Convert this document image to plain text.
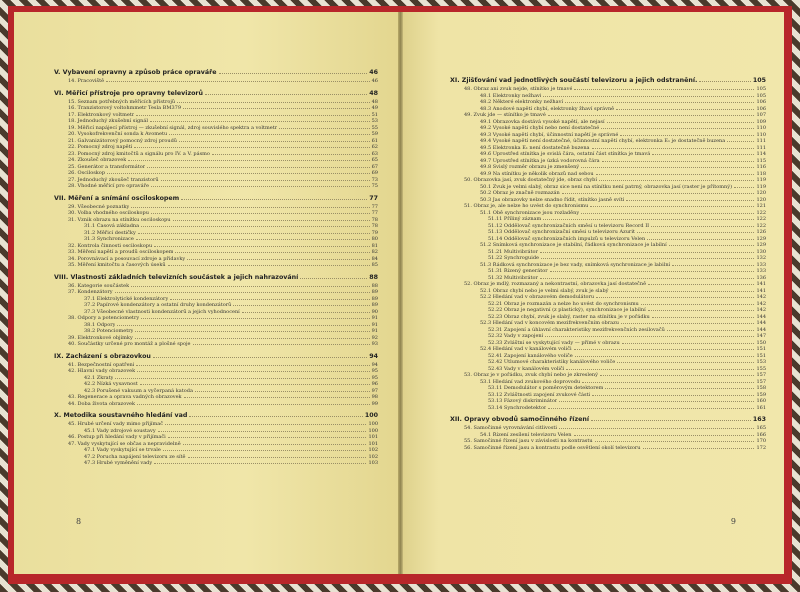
V. Vybavení opravny a způsob práce opraváře	46
14. Pracoviště	46
VI. Měřicí přístroje pro opravny televizorů	48
15. Seznam potřebných měřicích přístrojů	48
16. Tranzistorový voltohmmetr Tesla BM379	49
17. Elektronkový voltmetr	51
18. Jednoduchý zkušební signál	53
19. Měřicí napájecí přístroj — zkušební signál, zdroj souvislého spektra a voltmetr	55
20. Vysokofrekvenční sonda k Avometu	59
21. Galvanizátorový pomocný zdroj proudů	61
22. Pomocný zdroj napětí	62
23. Pomocný zdroj kmitočtů a signálu pro IV. a V. pásmo	63
24. Zkoušeč obrazovek	65
25. Generátor a transformátor	67
26. Osciloskop	69
27. Jednoduchý zkoušeč tranzistorů	73
28. Vhodné měřicí pro opraváře	75
VII. Měření a snímání osciloskopem	77
29. Všeobecné poznatky	77
30. Volba vhodného osciloskopu	77
31. Vznik obrazu na stínítku osciloskopu	78
31.1 Časová základna	78
31.2 Měřicí destičky	79
31.3 Synchronizace	80
32. Kontrola činnosti osciloskopu	81
33. Měření napětí a proudů osciloskopem	82
34. Porovnávací a posouvací zdroje a přídavky	84
35. Měření kmitočtu a časových úseků	85
VIII. Vlastnosti základních televizních součástek a jejich nahrazování	88
36. Kategorie součástek	88
37. Kondenzátory	89
37.1 Elektrolytické kondenzátory	89
37.2 Papírové kondenzátory a ostatní druhy kondenzátorů	89
37.3 Všeobecné vlastnosti kondenzátorů a jejich vyhodnocení	90
38. Odpory a potenciometry	91
38.1 Odpory	91
38.2 Potenciometry	91
39. Elektronkové objímky	92
40. Součástky určené pro montáž a plošné spoje	93
IX. Zacházení s obrazovkou	94
41. Bezpečnostní opatření	94
42. Hlavní vady obrazovek	95
42.1 Zkraty	95
42.2 Nízká vysavnost	96
42.3 Porušené vakuum a vyčerpaná katoda	97
43. Regenerace a oprava vadných obrazovek	98
44. Doba života obrazovek	99
X. Metodika soustavného hledání vad	100
45. Hrubé určení vady mimo přijímač	100
45.1 Vady zdrojové soustavy	100
46. Postup při hledání vady v přijímači	101
47. Vady vyskytující se občas a nepravidelně	101
47.1 Vady vyskytující se trvale	102
47.2 Porucha napájení televizoru ze sítě	102
47.3 Hrubé vyměnění vady	103
8
XI. Zjišťování vad jednotlivých součástí televizoru a jejich odstranění.	105
48. Obraz ani zvuk nejde, stínítko je tmavé	105
48.1 Elektronky nežhaví	105
48.2 Některé elektronky nežhaví	106
48.3 Anodové napětí chybí, elektronky žhaví správně	106
49. Zvuk jde — stínítko je tmavé	107
49.1 Obrazovka dostává vysoké napětí, ale nejasí	109
49.2 Vysoké napětí chybí nebo není dostatečné	110
49.3 Vysoké napětí chybí, účinnostní napětí je správné	110
49.4 Vysoké napětí není dostatečné, účinnostní napětí chybí, elektronka E₁ je dostatečně buzena	111
49.5 Elektronka E₁ není dostatečně buzena	111
49.6 Uprostřed stínítka je svislá čára, ostatní část stínítka je tmavá	114
49.7 Uprostřed stínítka je úzká vodorovná čára	115
49.8 Svislý rozměr obrazu je zmenšený	116
49.9 Na stínítku je několik obrazů nad sebou	118
50. Obrazovka jasí, zvuk dostatečný jde, obraz chybí	119
50.1 Zvuk je velmi slabý, obraz sice není na stínítku není patrný, obrazovka jasí (raster je přítomný)	119
50.2 Obraz je značně rozmazán	120
50.3 Jas obrazovky nelze snadno řídit, stínítko jasně svítí	120
51. Obraz je, ale nelze ho uvést do synchronismu	121
51.1 Obě synchronizace jsou rozladěny	122
51.11 Příliný záznam	122
51.12 Oddělovač synchronizačních směsí u televizoru Record II	122
51.13 Oddělovač synchronizační směsi u televizoru Azurit	126
51.14 Oddělovač synchronizačních impulzů u televizoru Velen	129
51.2 Snímková synchronizace je stabilní, řádková synchronizace je labilní	129
51.21 Multivibrátor	130
51.22 Synchroguide	132
51.3 Řádková synchronizace je bez vady, snímková synchronizace je labilní	133
51.31 Řízený generátor	133
51.32 Multivibrátor	136
52. Obraz je mdlý, rozmazaný a nekontrastní, obrazovka jasí dostatečně	141
52.1 Obraz chybí nebo je velmi slabý, zvuk je slabý	141
52.2 Hledání vad v obrazovém demodulátoru	142
52.21 Obraz je rozmazán a nelze ho uvést do synchronismu	142
52.22 Obraz je negativní (z plastický), synchronizace je labilní	142
52.23 Obraz chybí, zvuk je slabý, raster na stínítku je v pořádku	144
52.3 Hledání vad v koncovém mezifrekvenčním obrazu	144
52.31 Zapojení a úhlavní charakteristiky mezifrekvenčních zesilovačů	144
52.32 Vady v zapojení	147
52.33 Zvláštní se vyskytující vady — přímé v obrazu	150
52.4 Hledání vad v kanálovém voliči	151
52.41 Zapojení kanálového voliče	151
52.42 Útlumové charakteristiky kanálového voliče	153
52.43 Vady v kanálovém voliči	155
53. Obraz je v pořádku, zvuk chybí nebo je zkreslený	157
53.1 Hledání vad zvukového doprovodu	157
53.11 Demodulátor s poměrovým detektorem	158
53.12 Zvláštnosti zapojení zvukové části	159
53.13 Fázový diskriminátor	160
53.14 Synchrodetektor	161
XII. Opravy obvodů samočinného řízení	163
54. Samočinné vyrovnávání citlivosti	165
54.1 Řízení zesílení televizoru Velen	166
55. Samočinné řízení jasu v závislosti na kontrastu	170
56. Samočinné řízení jasu a kontrastu podle osvětlení okolí televizoru	172
9
